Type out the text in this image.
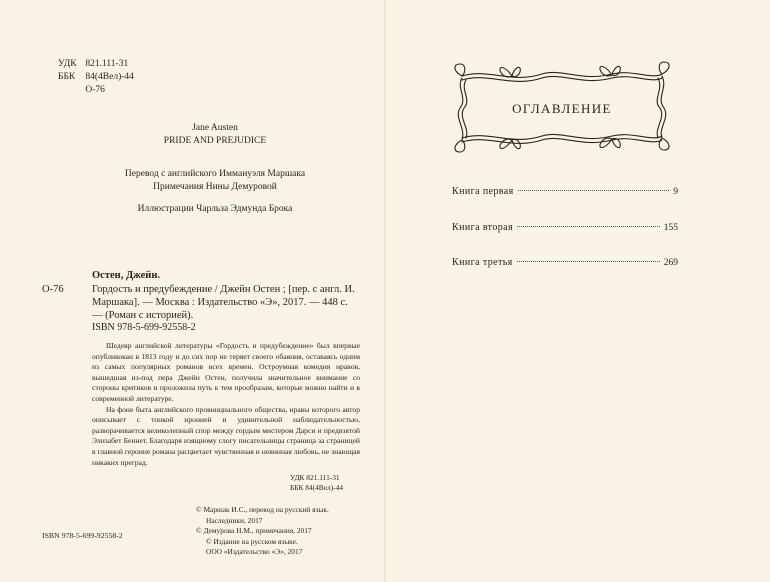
УДК 821.111-31
ББК 84(4Вел)-44
О-76
Jane Austen
PRIDE AND PREJUDICE
Перевод с английского Иммануэля Маршака
Примечания Нины Демуровой
Иллюстрации Чарльза Эдмунда Брока
Остен, Джейн.
О-76	Гордость и предубеждение / Джейн Остен ; [пер. с англ. И. Маршака]. — Москва : Издательство «Э», 2017. — 448 с. — (Роман с историей).
ISBN 978-5-699-92558-2

Шедевр английской литературы «Гордость и предубеждение» был впервые опубликован в 1813 году и до сих пор не теряет своего обаяния, оставаясь одним из самых популярных романов всех времен. Остроумная комедия нравов, вышедшая из-под пера Джейн Остен, получила значительное внимание со стороны критиков и проложила путь к тем прообразам, которые можно найти и в современной литературе.

На фоне быта английского провинциального общества, нравы которого автор описывает с тонкой иронией и удивительной наблюдательностью, разворачивается великолепный спор между гордым мистером Дарси и предвзятой Элизабет Беннет. Благодаря изящному слогу писательницы страница за страницей в главной героине романа расцветает чувственная и невинная любовь, не знающая никаких преград.

УДК 821.111-31
ББК 84(4Вел)-44
© Маршак И.С., перевод на русский язык.
Наследники, 2017
© Демурова Н.М., примечания, 2017
© Издание на русском языке.
ООО «Издательство «Э», 2017
ISBN 978-5-699-92558-2
ОГЛАВЛЕНИЕ
Книга первая	9
Книга вторая	155
Книга третья	269
